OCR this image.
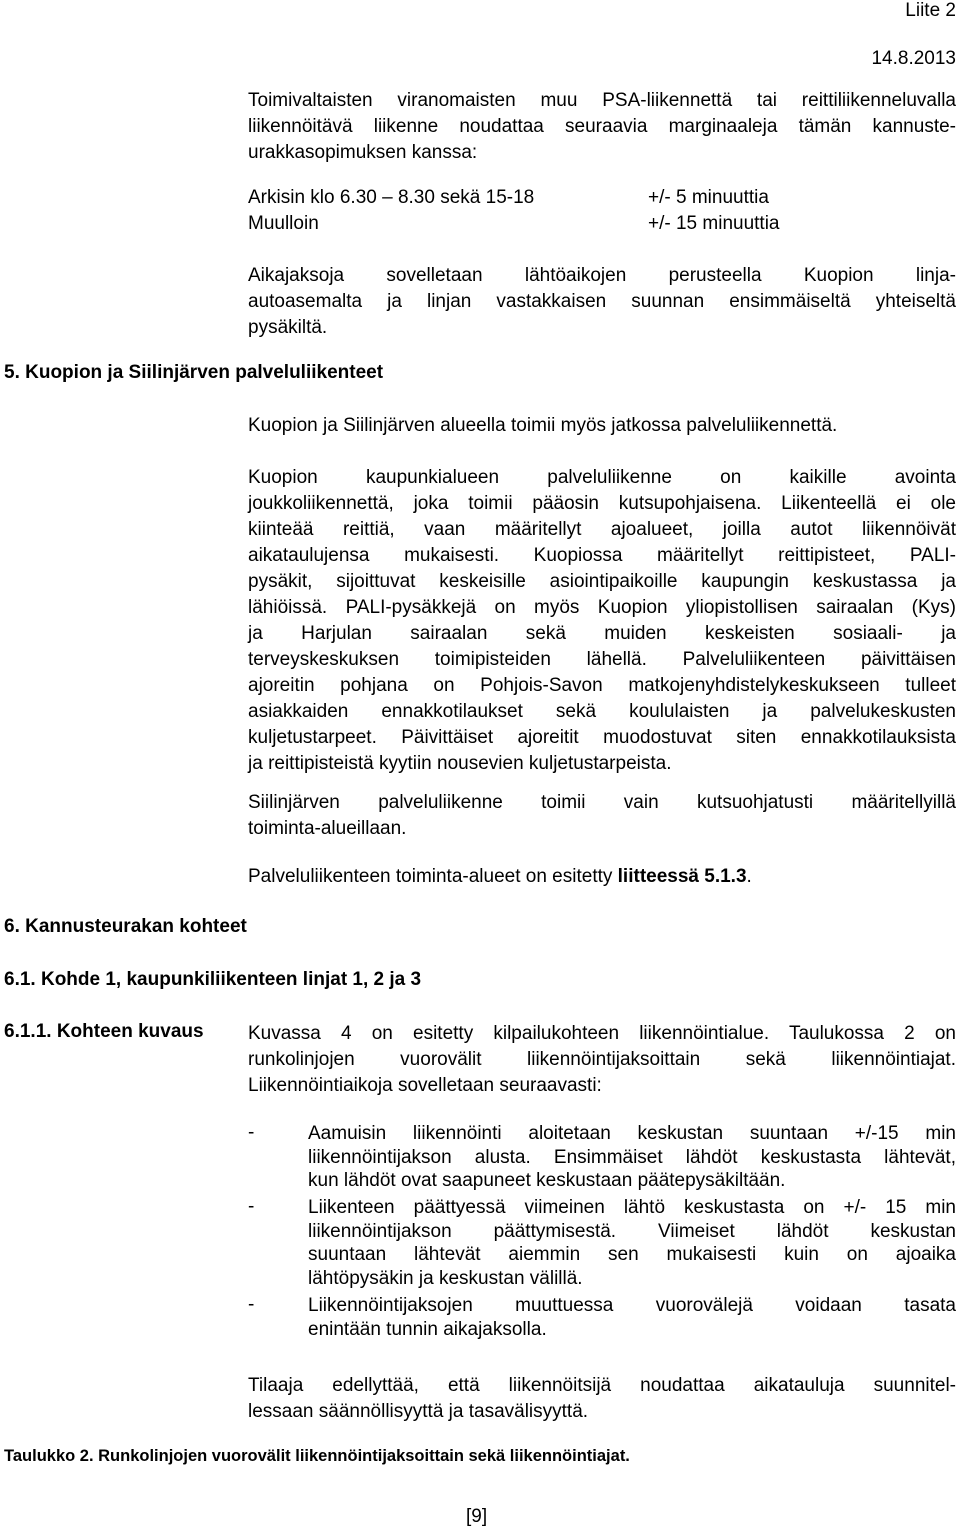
Liite 2
14.8.2013
Toimivaltaisten viranomaisten muu PSA-liikennettä tai reittiliikenneluvalla
liikennöitävä liikenne noudattaa seuraavia marginaaleja tämän kannuste-
urakkasopimuksen kanssa:
Arkisin klo 6.30 – 8.30 sekä 15-18	+/- 5 minuuttia
Muulloin	+/- 15 minuuttia
Aikajaksoja sovelletaan lähtöaikojen perusteella Kuopion linja-
autoasemalta ja linjan vastakkaisen suunnan ensimmäiseltä yhteiseltä
pysäkiltä.
5. Kuopion ja Siilinjärven palveluliikenteet
Kuopion ja Siilinjärven alueella toimii myös jatkossa palveluliikennettä.
Kuopion kaupunkialueen palveluliikenne on kaikille avointa
joukkoliikennettä, joka toimii pääosin kutsupohjaisena. Liikenteellä ei ole
kiinteää reittiä, vaan määritellyt ajoalueet, joilla autot liikennöivät
aikataulujensa mukaisesti. Kuopiossa määritellyt reittipisteet, PALI-
pysäkit, sijoittuvat keskeisille asiointipaikoille kaupungin keskustassa ja
lähiöissä. PALI-pysäkkejä on myös Kuopion yliopistollisen sairaalan (Kys)
ja Harjulan sairaalan sekä muiden keskeisten sosiaali- ja
terveyskeskuksen toimipisteiden lähellä. Palveluliikenteen päivittäisen
ajoreitin pohjana on Pohjois-Savon matkojenyhdistelykeskukseen tulleet
asiakkaiden ennakkotilaukset sekä koululaisten ja palvelukeskusten
kuljetustarpeet. Päivittäiset ajoreitit muodostuvat siten ennakkotilauksista
ja reittipisteistä kyytiin nousevien kuljetustarpeista.
Siilinjärven palveluliikenne toimii vain kutsuohjatusti määritellyillä
toiminta-alueillaan.
Palveluliikenteen toiminta-alueet on esitetty liitteessä 5.1.3.
6. Kannusteurakan kohteet
6.1. Kohde 1, kaupunkiliikenteen linjat 1, 2 ja 3
6.1.1. Kohteen kuvaus Kuvassa 4 on esitetty kilpailukohteen liikennöintialue. Taulukossa 2 on
runkolinjojen vuorovälit liikennöintijaksoittain sekä liikennöintiajat.
Liikennöintiaikoja sovelletaan seuraavasti:
-	Aamuisin liikennöinti aloitetaan keskustan suuntaan +/-15 min
liikennöintijakson alusta. Ensimmäiset lähdöt keskustasta lähtevät,
kun lähdöt ovat saapuneet keskustaan päätepysäkiltään.
-	Liikenteen päättyessä viimeinen lähtö keskustasta on +/- 15 min
liikennöintijakson päättymisestä. Viimeiset lähdöt keskustan
suuntaan lähtevät aiemmin sen mukaisesti kuin on ajoaika
lähtöpysäkin ja keskustan välillä.
-	Liikennöintijaksojen muuttuessa vuorovälejä voidaan tasata
enintään tunnin aikajaksolla.
Tilaaja edellyttää, että liikennöitsijä noudattaa aikatauluja suunnitel-
lessaan säännöllisyyttä ja tasavälisyyttä.
Taulukko 2. Runkolinjojen vuorovälit liikennöintijaksoittain sekä liikennöintiajat.
[9]
